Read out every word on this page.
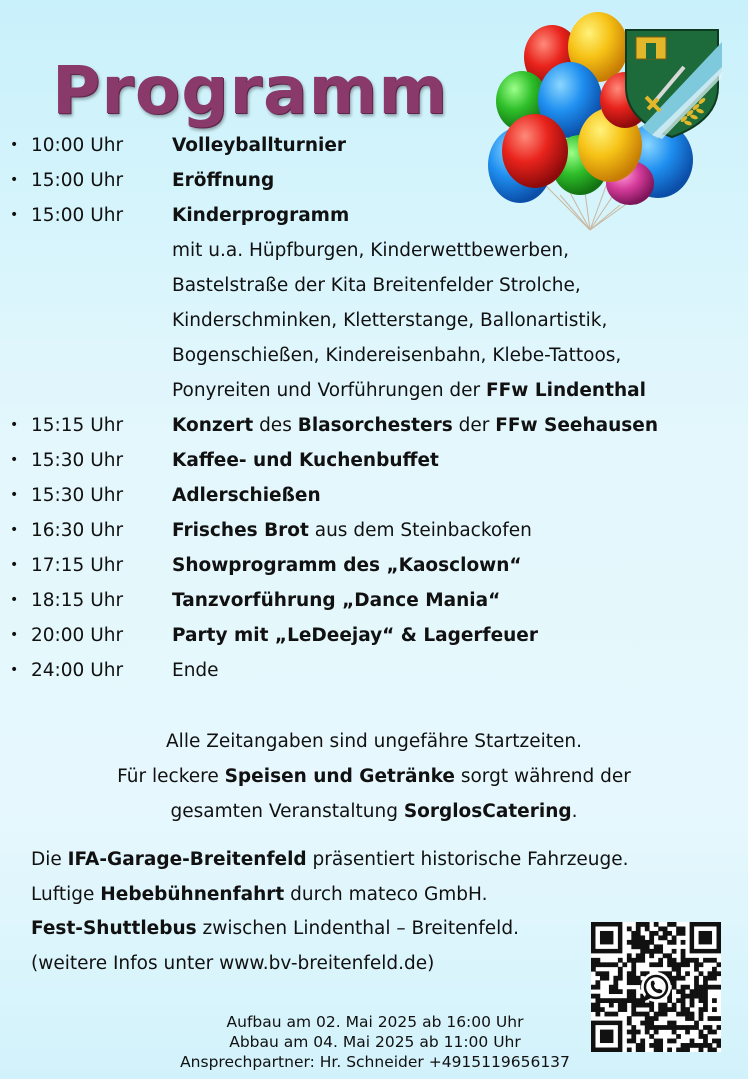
Programm
• 10:00 Uhr	Volleyballturnier
• 15:00 Uhr	Eröffnung
• 15:00 Uhr	Kinderprogramm
mit u.a. Hüpfburgen, Kinderwettbewerben,
Bastelstraße der Kita Breitenfelder Strolche,
Kinderschminken, Kletterstange, Ballonartistik,
Bogenschießen, Kindereisenbahn, Klebe-Tattoos,
Ponyreiten und Vorführungen der FFw Lindenthal
• 15:15 Uhr	Konzert des Blasorchesters der FFw Seehausen
• 15:30 Uhr	Kaffee- und Kuchenbuffet
• 15:30 Uhr	Adlerschießen
• 16:30 Uhr	Frisches Brot aus dem Steinbackofen
• 17:15 Uhr	Showprogramm des „Kaosclown“
• 18:15 Uhr	Tanzvorführung „Dance Mania“
• 20:00 Uhr	Party mit „LeDeejay“ & Lagerfeuer
• 24:00 Uhr	Ende
Alle Zeitangaben sind ungefähre Startzeiten.
Für leckere Speisen und Getränke sorgt während der
gesamten Veranstaltung SorglosCatering.
Die IFA-Garage-Breitenfeld präsentiert historische Fahrzeuge.
Luftige Hebebühnenfahrt durch mateco GmbH.
Fest-Shuttlebus zwischen Lindenthal – Breitenfeld.
(weitere Infos unter www.bv-breitenfeld.de)
Aufbau am 02. Mai 2025 ab 16:00 Uhr
Abbau am 04. Mai 2025 ab 11:00 Uhr
Ansprechpartner: Hr. Schneider +4915119656137
